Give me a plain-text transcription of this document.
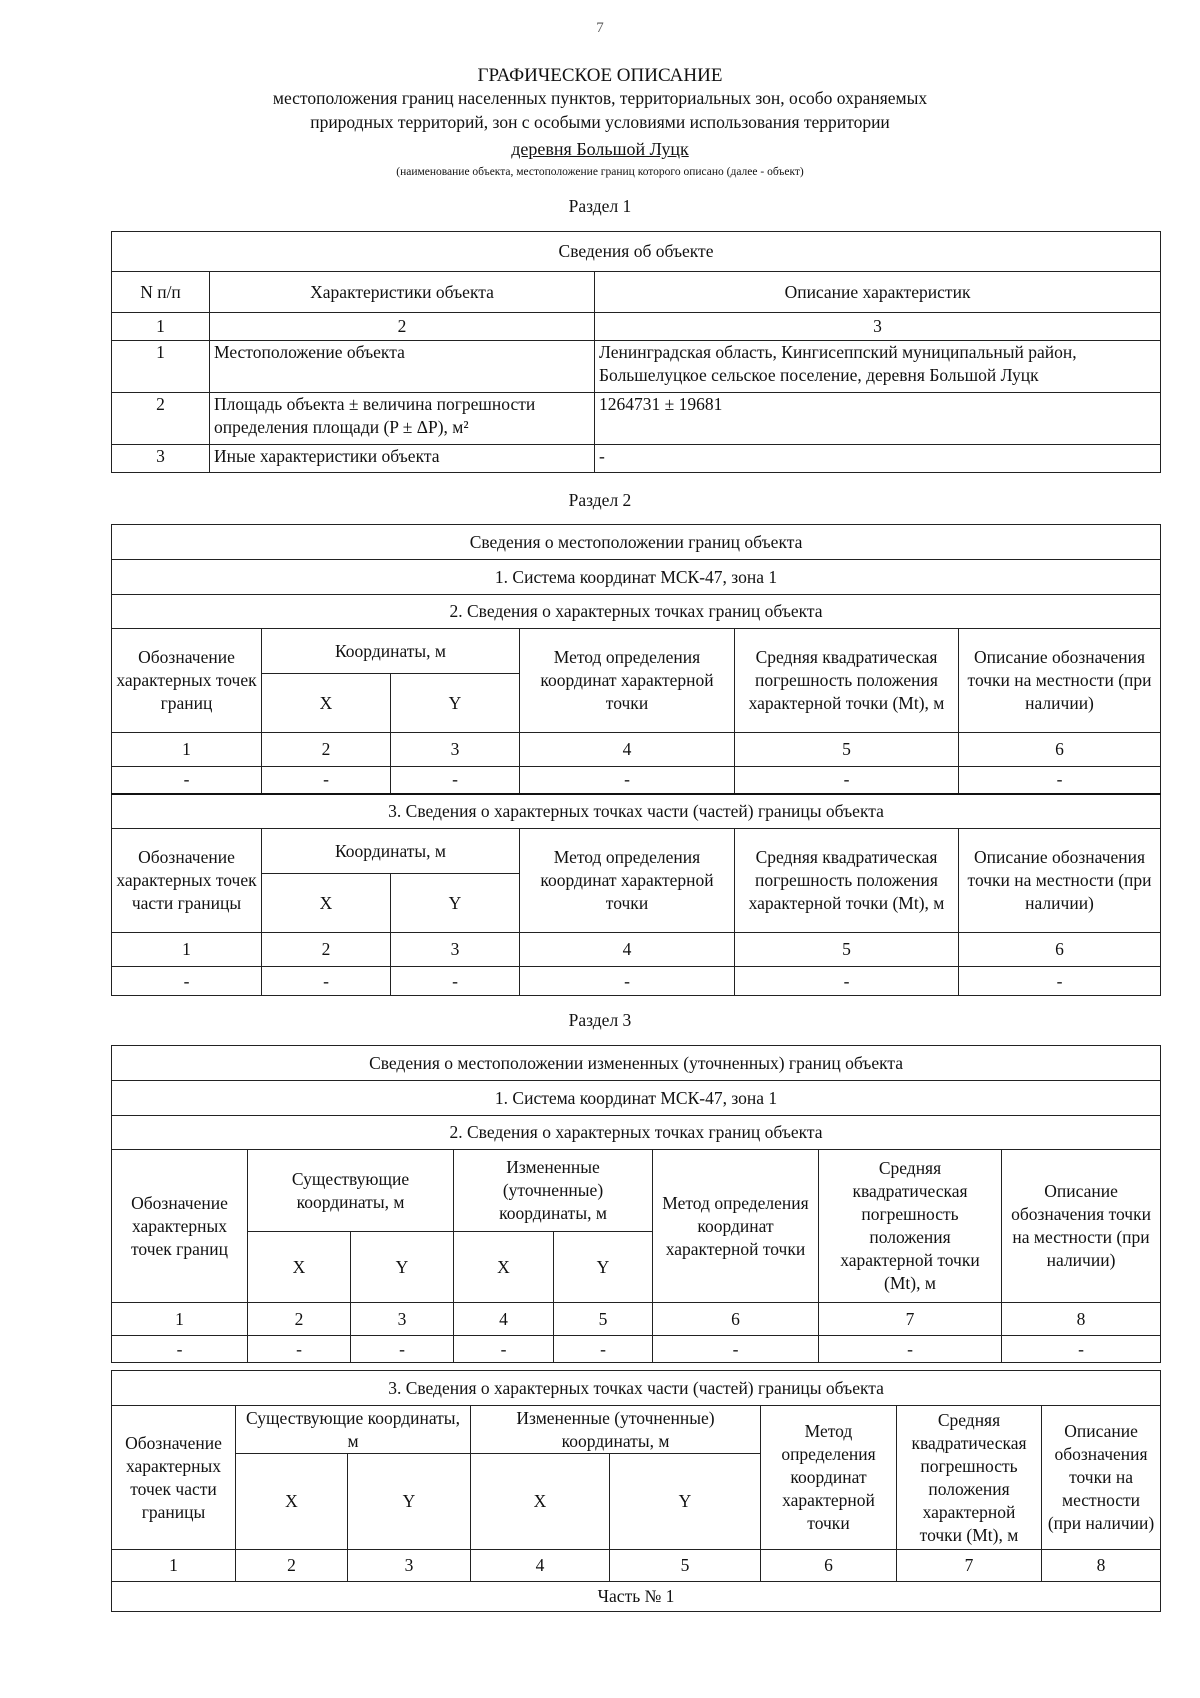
7
ГРАФИЧЕСКОЕ ОПИСАНИЕ
местоположения границ населенных пунктов, территориальных зон, особо охраняемых
природных территорий, зон с особыми условиями использования территории
деревня Большой Луцк
(наименование объекта, местоположение границ которого описано (далее - объект)
Раздел 1
Сведения об объекте		
N п/п	Характеристики объекта	Описание характеристик
1	2	3
1	Местоположение объекта	Ленинградская область, Кингисеппский муниципальный район, Большелуцкое сельское поселение, деревня Большой Луцк
2	Площадь объекта ± величина погрешности определения площади (P ± ΔP), м²	1264731 ± 19681
3	Иные характеристики объекта	-
Раздел 2
Сведения о местоположении границ объекта					
1. Система координат МСК-47, зона 1					
2. Сведения о характерных точках границ объекта					
Обозначение характерных точек границ	Координаты, м		Метод определения координат характерной точки	Средняя квадратическая погрешность положения характерной точки (Mt), м	Описание обозначения точки на местности (при наличии)
	X	Y			
1	2	3	4	5	6
-	-	-	-	-	-
3. Сведения о характерных точках части (частей) границы объекта					
Обозначение характерных точек части границы	Координаты, м		Метод определения координат характерной точки	Средняя квадратическая погрешность положения характерной точки (Mt), м	Описание обозначения точки на местности (при наличии)
	X	Y			
1	2	3	4	5	6
-	-	-	-	-	-
Раздел 3
Сведения о местоположении измененных (уточненных) границ объекта							
1. Система координат МСК-47, зона 1							
2. Сведения о характерных точках границ объекта							
Обозначение характерных точек границ	Существующие координаты, м		Измененные (уточненные) координаты, м		Метод определения координат характерной точки	Средняя квадратическая погрешность положения характерной точки (Mt), м	Описание обозначения точки на местности (при наличии)
	X	Y	X	Y			
1	2	3	4	5	6	7	8
-	-	-	-	-	-	-	-
3. Сведения о характерных точках части (частей) границы объекта							
Обозначение характерных точек части границы	Существующие координаты, м		Измененные (уточненные) координаты, м		Метод определения координат характерной точки	Средняя квадратическая погрешность положения характерной точки (Mt), м	Описание обозначения точки на местности (при наличии)
	X	Y	X	Y			
1	2	3	4	5	6	7	8
Часть № 1							
